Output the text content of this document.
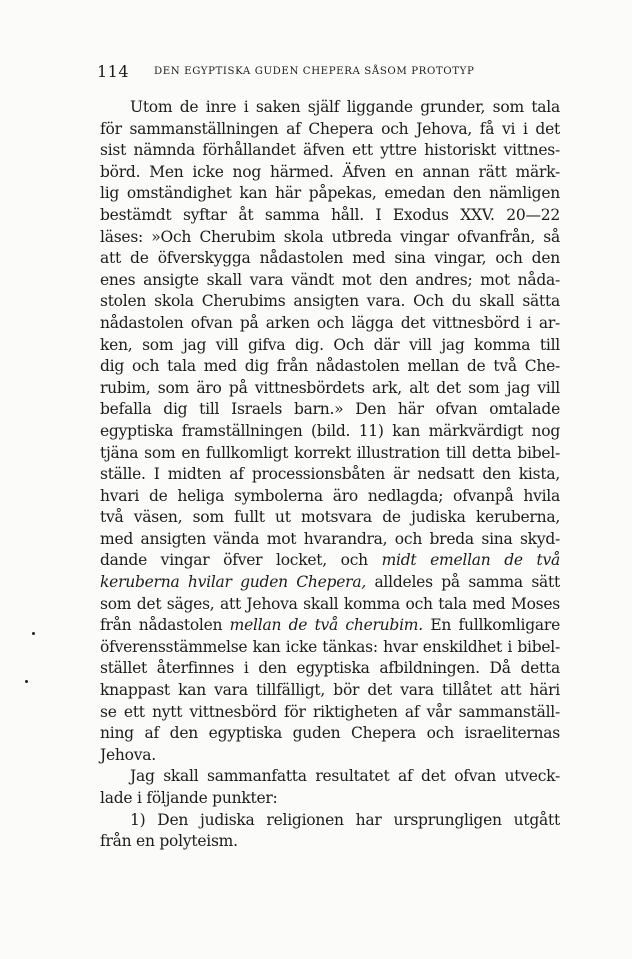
114 DEN EGYPTISKA GUDEN CHEPERA SÅSOM PROTOTYP
Utom de inre i saken själf liggande grunder, som tala
för sammanställningen af Chepera och Jehova, få vi i det
sist nämnda förhållandet äfven ett yttre historiskt vittnes-
börd. Men icke nog härmed. Äfven en annan rätt märk-
lig omständighet kan här påpekas, emedan den nämligen
bestämdt syftar åt samma håll. I Exodus XXV. 20—22
läses: »Och Cherubim skola utbreda vingar ofvanfrån, så
att de öfverskygga nådastolen med sina vingar, och den
enes ansigte skall vara vändt mot den andres; mot nåda-
stolen skola Cherubims ansigten vara. Och du skall sätta
nådastolen ofvan på arken och lägga det vittnesbörd i ar-
ken, som jag vill gifva dig. Och där vill jag komma till
dig och tala med dig från nådastolen mellan de två Che-
rubim, som äro på vittnesbördets ark, alt det som jag vill
befalla dig till Israels barn.» Den här ofvan omtalade
egyptiska framställningen (bild. 11) kan märkvärdigt nog
tjäna som en fullkomligt korrekt illustration till detta bibel-
ställe. I midten af processionsbåten är nedsatt den kista,
hvari de heliga symbolerna äro nedlagda; ofvanpå hvila
två väsen, som fullt ut motsvara de judiska keruberna,
med ansigten vända mot hvarandra, och breda sina skyd-
dande vingar öfver locket, och midt emellan de två
keruberna hvilar guden Chepera, alldeles på samma sätt
som det säges, att Jehova skall komma och tala med Moses
från nådastolen mellan de två cherubim. En fullkomligare
öfverensstämmelse kan icke tänkas: hvar enskildhet i bibel-
stället återfinnes i den egyptiska afbildningen. Då detta
knappast kan vara tillfälligt, bör det vara tillåtet att häri
se ett nytt vittnesbörd för riktigheten af vår sammanställ-
ning af den egyptiska guden Chepera och israeliternas
Jehova.
Jag skall sammanfatta resultatet af det ofvan utveck-
lade i följande punkter:
1) Den judiska religionen har ursprungligen utgått
från en polyteism.
